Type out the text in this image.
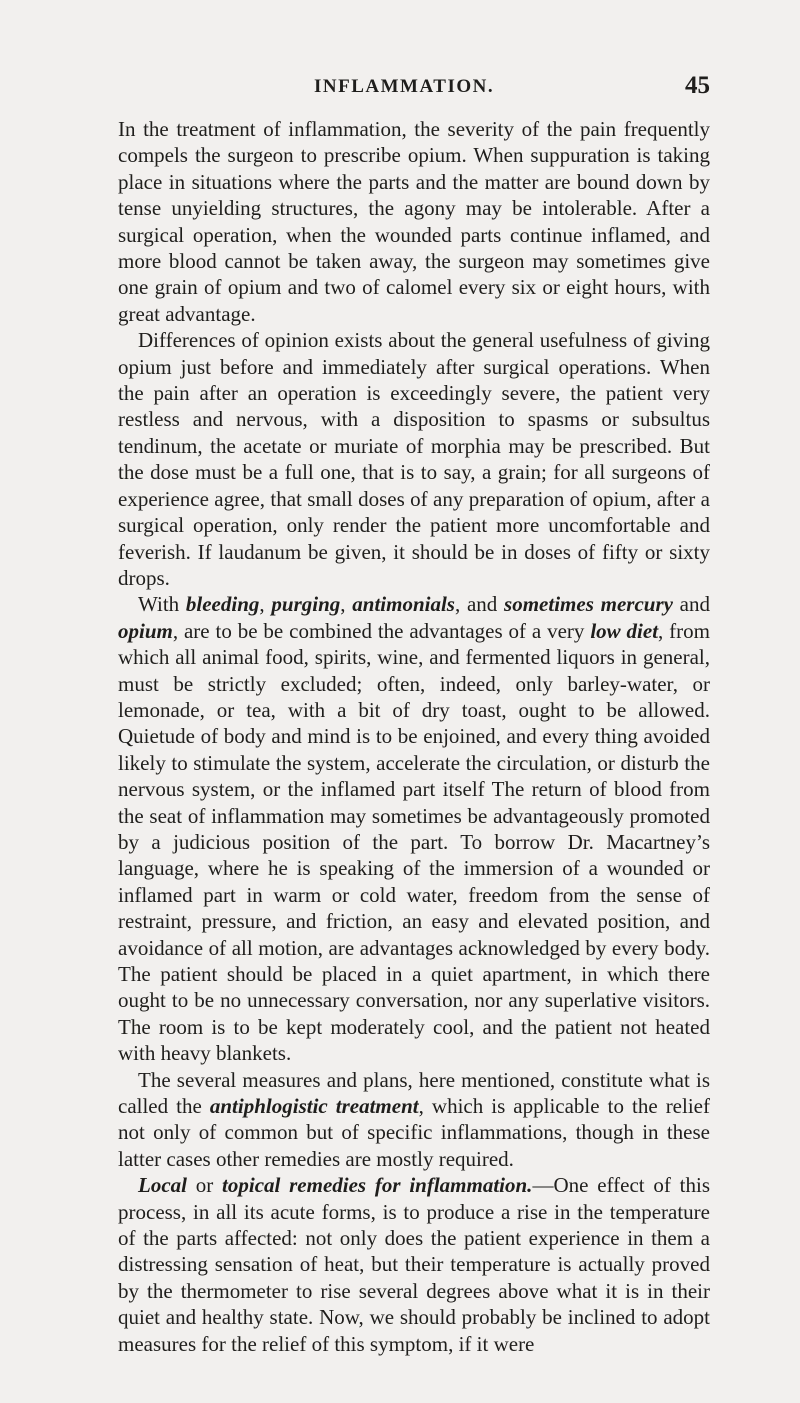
INFLAMMATION.	45

In the treatment of inflammation, the severity of the pain frequently compels the surgeon to prescribe opium. When suppuration is taking place in situations where the parts and the matter are bound down by tense unyielding structures, the agony may be intolerable. After a surgical operation, when the wounded parts continue inflamed, and more blood cannot be taken away, the surgeon may sometimes give one grain of opium and two of calomel every six or eight hours, with great advantage.

Differences of opinion exists about the general usefulness of giving opium just before and immediately after surgical operations. When the pain after an operation is exceedingly severe, the patient very restless and nervous, with a disposition to spasms or subsultus tendinum, the acetate or muriate of morphia may be prescribed. But the dose must be a full one, that is to say, a grain; for all surgeons of experience agree, that small doses of any preparation of opium, after a surgical operation, only render the patient more uncomfortable and feverish. If laudanum be given, it should be in doses of fifty or sixty drops.

With bleeding, purging, antimonials, and sometimes mercury and opium, are to be be combined the advantages of a very low diet, from which all animal food, spirits, wine, and fermented liquors in general, must be strictly excluded; often, indeed, only barley-water, or lemonade, or tea, with a bit of dry toast, ought to be allowed. Quietude of body and mind is to be enjoined, and every thing avoided likely to stimulate the system, accelerate the circulation, or disturb the nervous system, or the inflamed part itself The return of blood from the seat of inflammation may sometimes be advantageously promoted by a judicious position of the part. To borrow Dr. Macartney’s language, where he is speaking of the immersion of a wounded or inflamed part in warm or cold water, freedom from the sense of restraint, pressure, and friction, an easy and elevated position, and avoidance of all motion, are advantages acknowledged by every body. The patient should be placed in a quiet apartment, in which there ought to be no unnecessary conversation, nor any superlative visitors. The room is to be kept moderately cool, and the patient not heated with heavy blankets.

The several measures and plans, here mentioned, constitute what is called the antiphlogistic treatment, which is applicable to the relief not only of common but of specific inflammations, though in these latter cases other remedies are mostly required.

Local or topical remedies for inflammation.—One effect of this process, in all its acute forms, is to produce a rise in the temperature of the parts affected: not only does the patient experience in them a distressing sensation of heat, but their temperature is actually proved by the thermometer to rise several degrees above what it is in their quiet and healthy state. Now, we should probably be inclined to adopt measures for the relief of this symptom, if it were
